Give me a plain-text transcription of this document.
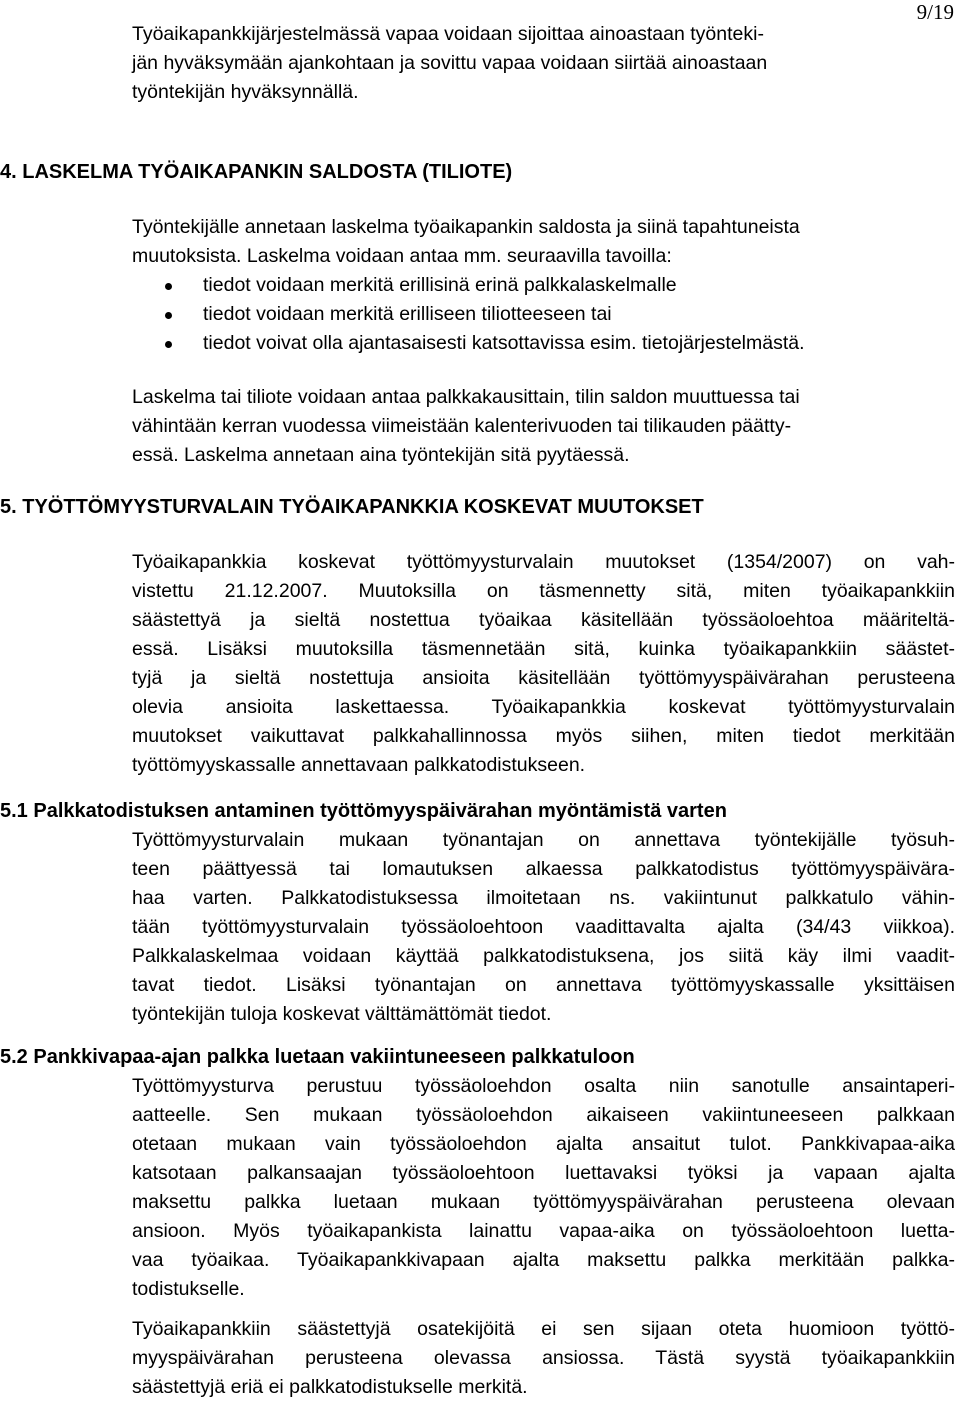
9/19
Työaikapankkijärjestelmässä vapaa voidaan sijoittaa ainoastaan työnteki-
jän hyväksymään ajankohtaan ja sovittu vapaa voidaan siirtää ainoastaan
työntekijän hyväksynnällä.
4. LASKELMA TYÖAIKAPANKIN SALDOSTA (TILIOTE)
Työntekijälle annetaan laskelma työaikapankin saldosta ja siinä tapahtuneista
muutoksista. Laskelma voidaan antaa mm. seuraavilla tavoilla:
tiedot voidaan merkitä erillisinä erinä palkkalaskelmalle
tiedot voidaan merkitä erilliseen tiliotteeseen tai
tiedot voivat olla ajantasaisesti katsottavissa esim. tietojärjestelmästä.
Laskelma tai tiliote voidaan antaa palkkakausittain, tilin saldon muuttuessa tai
vähintään kerran vuodessa viimeistään kalenterivuoden tai tilikauden päätty-
essä. Laskelma annetaan aina työntekijän sitä pyytäessä.
5. TYÖTTÖMYYSTURVALAIN TYÖAIKAPANKKIA KOSKEVAT MUUTOKSET
Työaikapankkia koskevat työttömyysturvalain muutokset (1354/2007) on vah-
vistettu 21.12.2007. Muutoksilla on täsmennetty sitä, miten työaikapankkiin
säästettyä ja sieltä nostettua työaikaa käsitellään työssäoloehtoa määriteltä-
essä. Lisäksi muutoksilla täsmennetään sitä, kuinka työaikapankkiin säästet-
tyjä ja sieltä nostettuja ansioita käsitellään työttömyyspäivärahan perusteena
olevia ansioita laskettaessa. Työaikapankkia koskevat työttömyysturvalain
muutokset vaikuttavat palkkahallinnossa myös siihen, miten tiedot merkitään
työttömyyskassalle annettavaan palkkatodistukseen.
5.1 Palkkatodistuksen antaminen työttömyyspäivärahan myöntämistä varten
Työttömyysturvalain mukaan työnantajan on annettava työntekijälle työsuh-
teen päättyessä tai lomautuksen alkaessa palkkatodistus työttömyyspäivära-
haa varten. Palkkatodistuksessa ilmoitetaan ns. vakiintunut palkkatulo vähin-
tään työttömyysturvalain työssäoloehtoon vaadittavalta ajalta (34/43 viikkoa).
Palkkalaskelmaa voidaan käyttää palkkatodistuksena, jos siitä käy ilmi vaadit-
tavat tiedot. Lisäksi työnantajan on annettava työttömyyskassalle yksittäisen
työntekijän tuloja koskevat välttämättömät tiedot.
5.2 Pankkivapaa-ajan palkka luetaan vakiintuneeseen palkkatuloon
Työttömyysturva perustuu työssäoloehdon osalta niin sanotulle ansaintaperi-
aatteelle. Sen mukaan työssäoloehdon aikaiseen vakiintuneeseen palkkaan
otetaan mukaan vain työssäoloehdon ajalta ansaitut tulot. Pankkivapaa-aika
katsotaan palkansaajan työssäoloehtoon luettavaksi työksi ja vapaan ajalta
maksettu palkka luetaan mukaan työttömyyspäivärahan perusteena olevaan
ansioon. Myös työaikapankista lainattu vapaa-aika on työssäoloehtoon luetta-
vaa työaikaa. Työaikapankkivapaan ajalta maksettu palkka merkitään palkka-
todistukselle.
Työaikapankkiin säästettyjä osatekijöitä ei sen sijaan oteta huomioon työttö-
myyspäivärahan perusteena olevassa ansiossa. Tästä syystä työaikapankkiin
säästettyjä eriä ei palkkatodistukselle merkitä.
